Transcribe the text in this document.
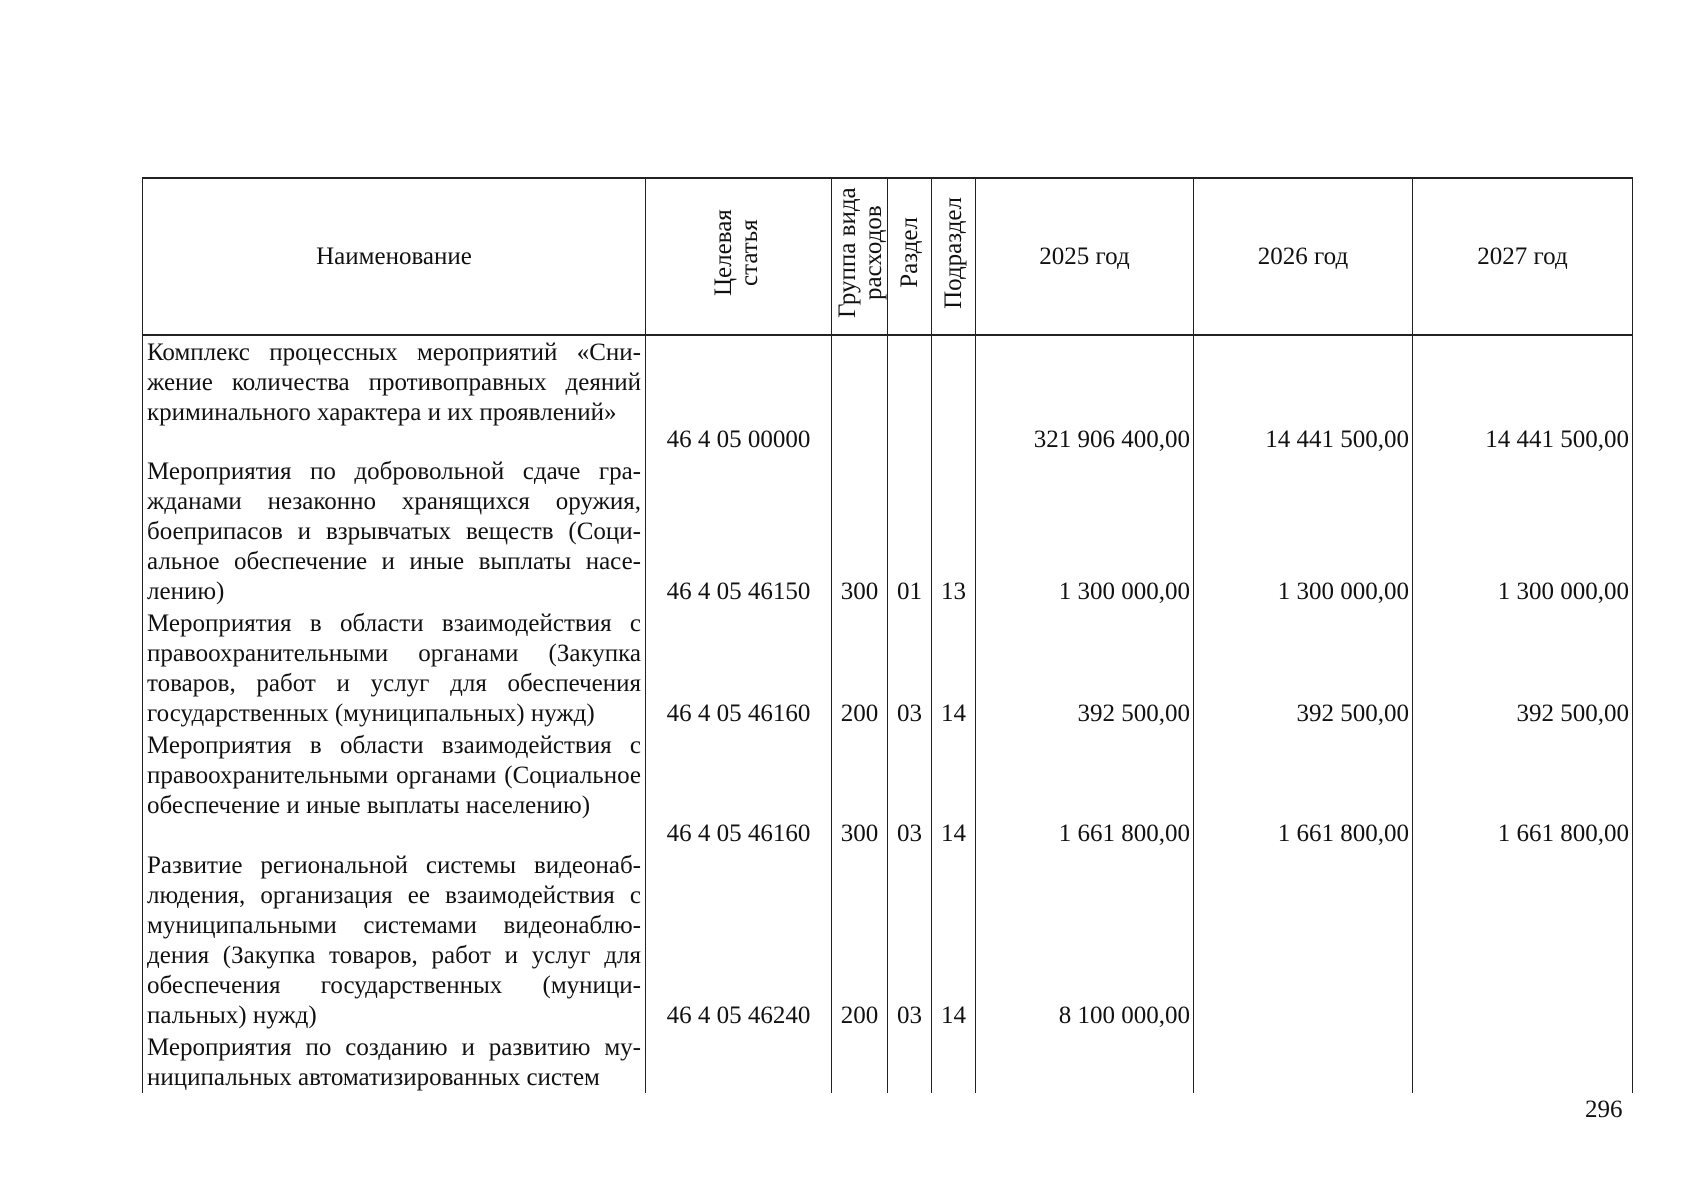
Наименование	Целевая статья	Группа вида расходов	Раздел	Подраздел	2025 год	2026 год	2027 год
Комплекс процессных мероприятий «Снижение количества противоправных деяний криминального характера и их проявлений»	46 4 05 00000				321 906 400,00	14 441 500,00	14 441 500,00
Мероприятия по добровольной сдаче гражданами незаконно хранящихся оружия, боеприпасов и взрывчатых веществ (Социальное обеспечение и иные выплаты населению)	46 4 05 46150	300	01	13	1 300 000,00	1 300 000,00	1 300 000,00
Мероприятия в области взаимодействия с правоохранительными органами (Закупка товаров, работ и услуг для обеспечения государственных (муниципальных) нужд)	46 4 05 46160	200	03	14	392 500,00	392 500,00	392 500,00
Мероприятия в области взаимодействия с правоохранительными органами (Социальное обеспечение и иные выплаты населению)	46 4 05 46160	300	03	14	1 661 800,00	1 661 800,00	1 661 800,00
Развитие региональной системы видеонаблюдения, организация ее взаимодействия с муниципальными системами видеонаблюдения (Закупка товаров, работ и услуг для обеспечения государственных (муниципальных) нужд)	46 4 05 46240	200	03	14	8 100 000,00		
Мероприятия по созданию и развитию муниципальных автоматизированных систем							
296
